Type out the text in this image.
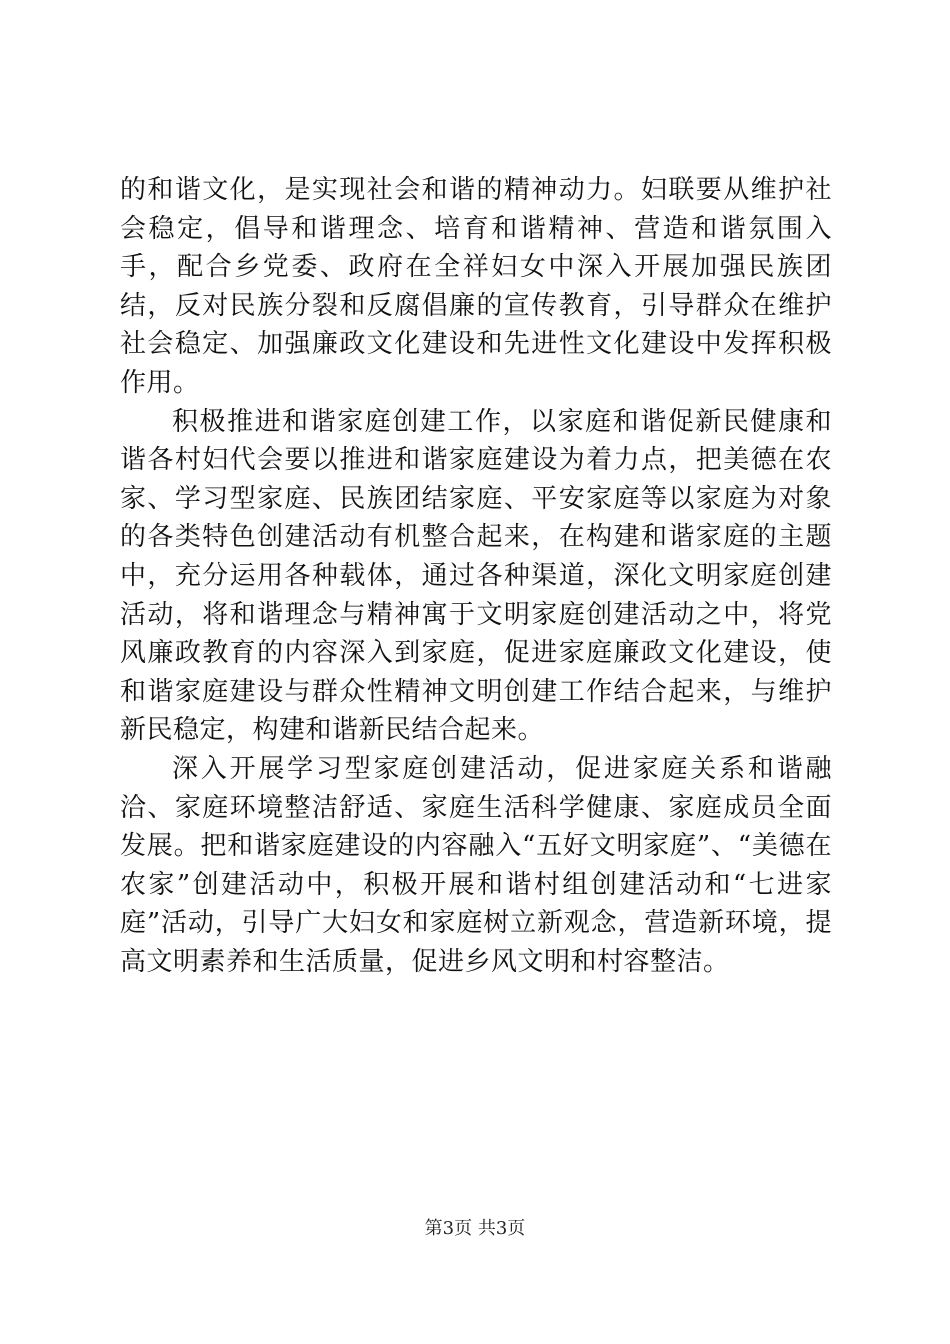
的和谐文化，是实现社会和谐的精神动力。妇联要从维护社会稳定，倡导和谐理念、培育和谐精神、营造和谐氛围入手，配合乡党委、政府在全祥妇女中深入开展加强民族团结，反对民族分裂和反腐倡廉的宣传教育，引导群众在维护社会稳定、加强廉政文化建设和先进性文化建设中发挥积极作用。

积极推进和谐家庭创建工作，以家庭和谐促新民健康和谐各村妇代会要以推进和谐家庭建设为着力点，把美德在农家、学习型家庭、民族团结家庭、平安家庭等以家庭为对象的各类特色创建活动有机整合起来，在构建和谐家庭的主题中，充分运用各种载体，通过各种渠道，深化文明家庭创建活动，将和谐理念与精神寓于文明家庭创建活动之中，将党风廉政教育的内容深入到家庭，促进家庭廉政文化建设，使和谐家庭建设与群众性精神文明创建工作结合起来，与维护新民稳定，构建和谐新民结合起来。

深入开展学习型家庭创建活动，促进家庭关系和谐融洽、家庭环境整洁舒适、家庭生活科学健康、家庭成员全面发展。把和谐家庭建设的内容融入“五好文明家庭”、“美德在农家”创建活动中，积极开展和谐村组创建活动和“七进家庭”活动，引导广大妇女和家庭树立新观念，营造新环境，提高文明素养和生活质量，促进乡风文明和村容整洁。

第3页 共3页
